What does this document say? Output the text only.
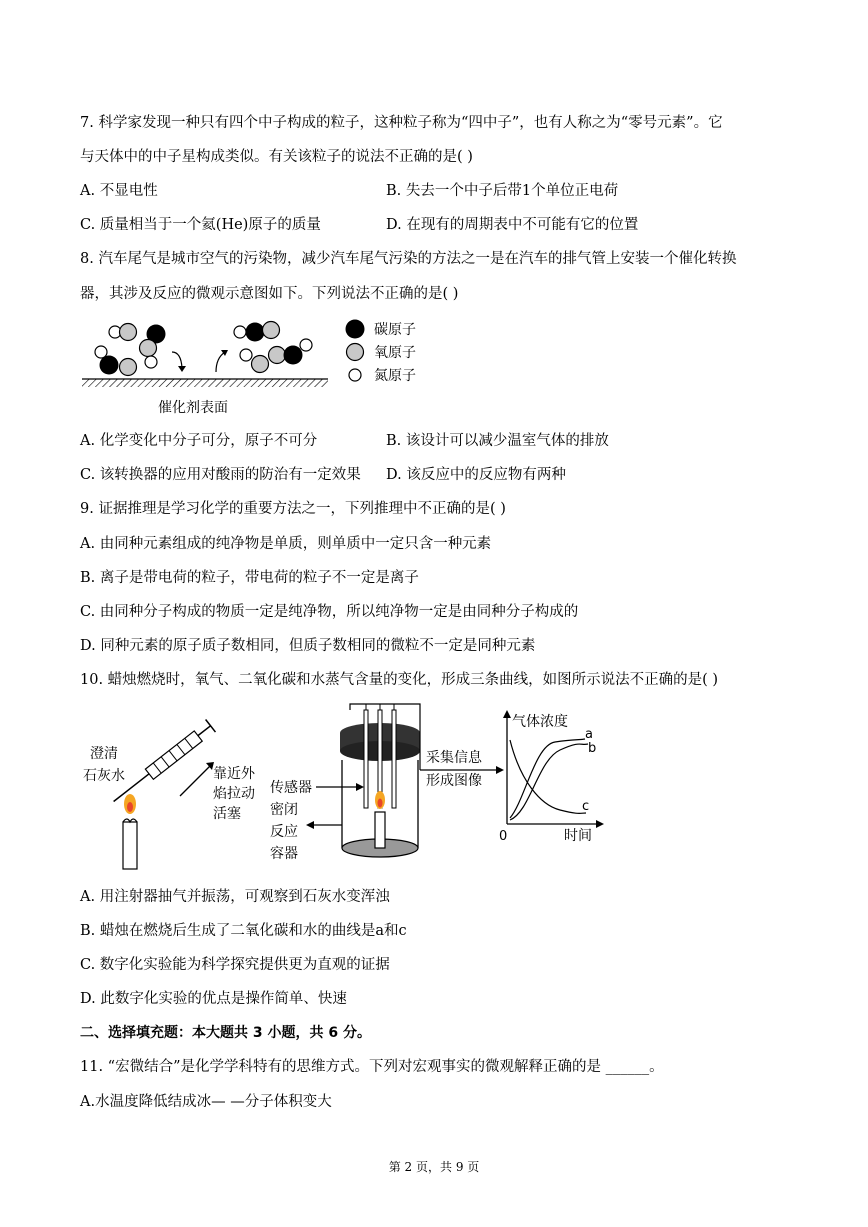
7. 科学家发现一种只有四个中子构成的粒子，这种粒子称为“四中子”，也有人称之为“零号元素”。它
与天体中的中子星构成类似。有关该粒子的说法不正确的是( )
A. 不显电性	B. 失去一个中子后带1个单位正电荷
C. 质量相当于一个氦(He)原子的质量	D. 在现有的周期表中不可能有它的位置
8. 汽车尾气是城市空气的污染物，减少汽车尾气污染的方法之一是在汽车的排气管上安装一个催化转换
器，其涉及反应的微观示意图如下。下列说法不正确的是( )
碳原子
氧原子
氮原子
催化剂表面
A. 化学变化中分子可分，原子不可分	B. 该设计可以减少温室气体的排放
C. 该转换器的应用对酸雨的防治有一定效果 D. 该反应中的反应物有两种
9. 证据推理是学习化学的重要方法之一，下列推理中不正确的是( )
A. 由同种元素组成的纯净物是单质，则单质中一定只含一种元素
B. 离子是带电荷的粒子，带电荷的粒子不一定是离子
C. 由同种分子构成的物质一定是纯净物，所以纯净物一定是由同种分子构成的
D. 同种元素的原子质子数相同，但质子数相同的微粒不一定是同种元素
10. 蜡烛燃烧时，氧气、二氧化碳和水蒸气含量的变化，形成三条曲线，如图所示说法不正确的是( )
澄清
石灰水	靠近外
焰拉动
活塞
传感器
密闭
反应
容器
采集信息
形成图像
气体浓度
时间
0
a
b
c
A. 用注射器抽气并振荡，可观察到石灰水变浑浊
B. 蜡烛在燃烧后生成了二氧化碳和水的曲线是a和c
C. 数字化实验能为科学探究提供更为直观的证据
D. 此数字化实验的优点是操作简单、快速
二、选择填充题：本大题共 3 小题，共 6 分。
11. “宏微结合”是化学学科特有的思维方式。下列对宏观事实的微观解释正确的是 ______。
A.水温度降低结成冰— —分子体积变大
第 2 页，共 9 页
